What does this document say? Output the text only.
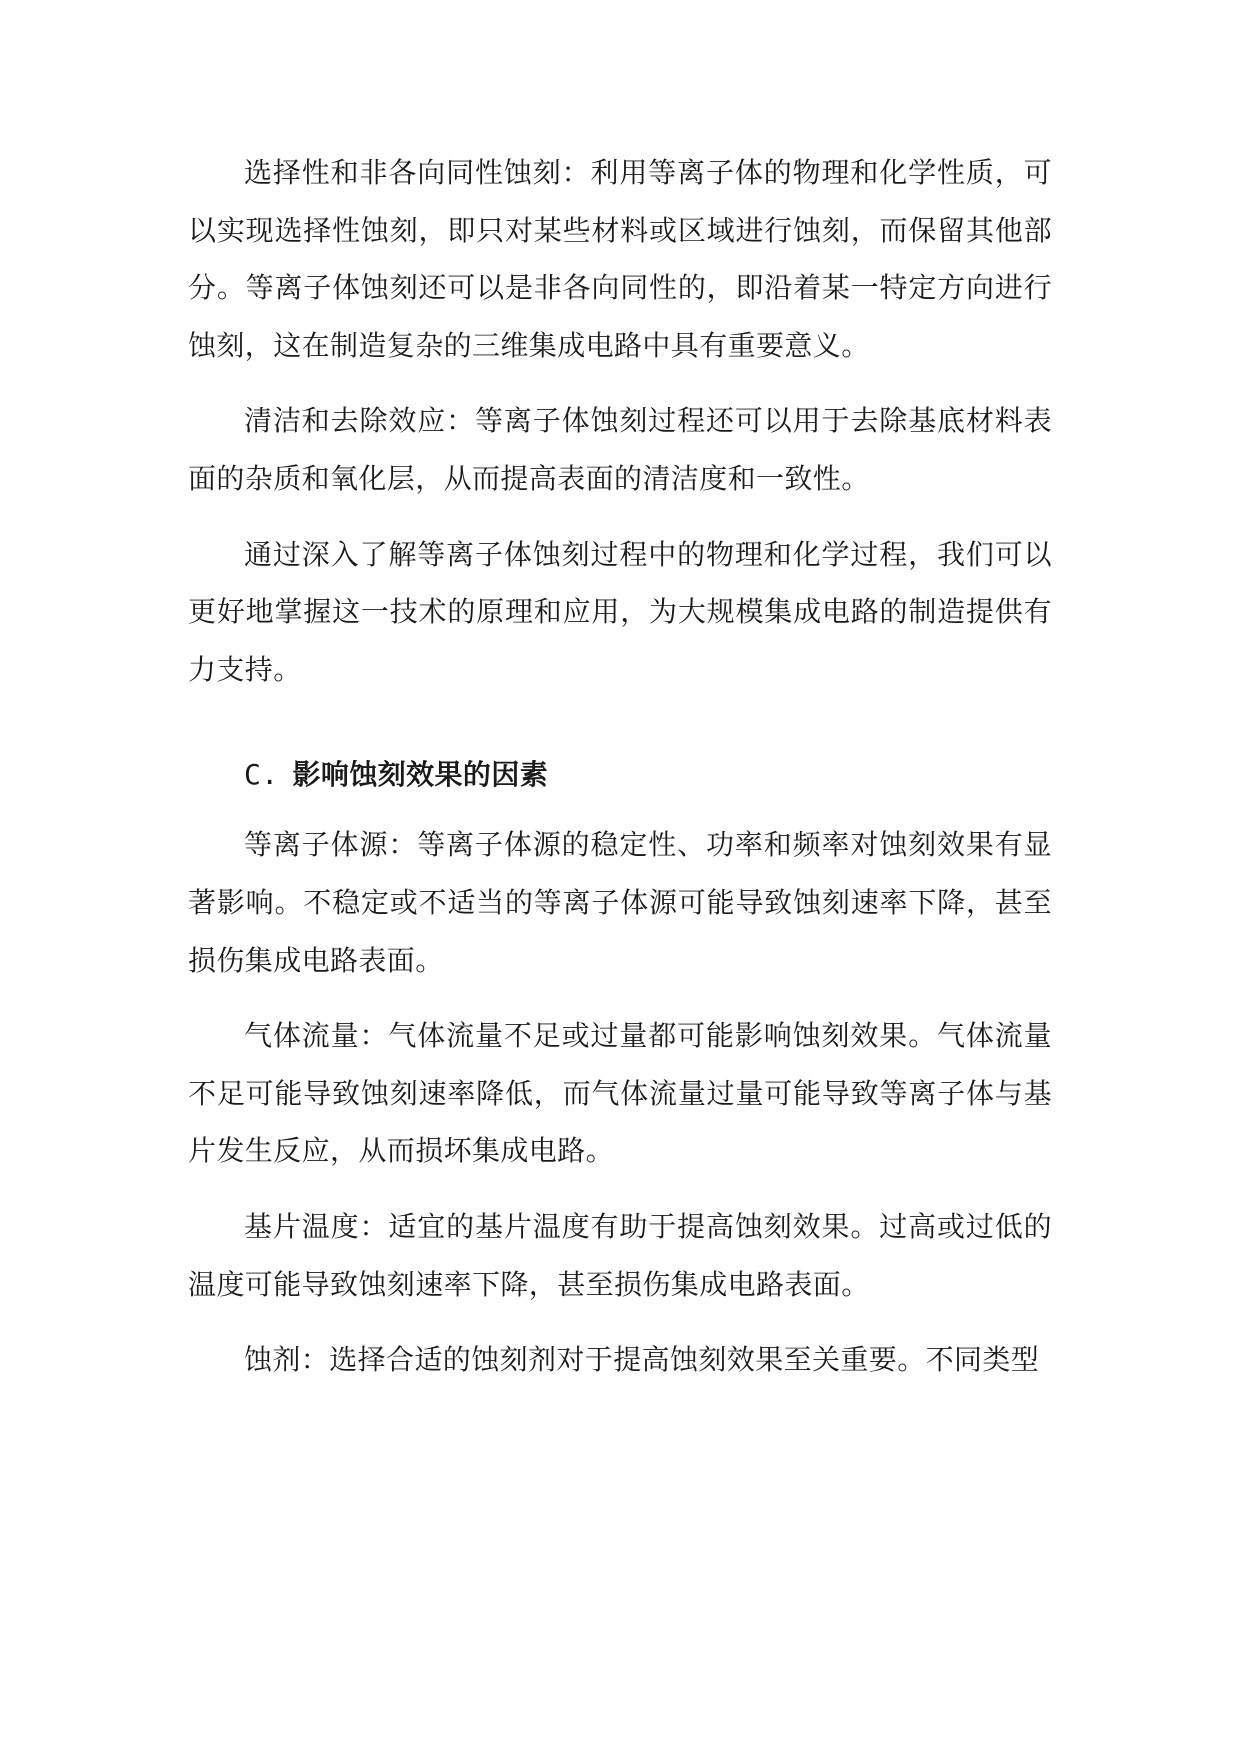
选择性和非各向同性蚀刻：利用等离子体的物理和化学性质，可以实现选择性蚀刻，即只对某些材料或区域进行蚀刻，而保留其他部分。等离子体蚀刻还可以是非各向同性的，即沿着某一特定方向进行蚀刻，这在制造复杂的三维集成电路中具有重要意义。

清洁和去除效应：等离子体蚀刻过程还可以用于去除基底材料表面的杂质和氧化层，从而提高表面的清洁度和一致性。

通过深入了解等离子体蚀刻过程中的物理和化学过程，我们可以更好地掌握这一技术的原理和应用，为大规模集成电路的制造提供有力支持。

C. 影响蚀刻效果的因素

等离子体源：等离子体源的稳定性、功率和频率对蚀刻效果有显著影响。不稳定或不适当的等离子体源可能导致蚀刻速率下降，甚至损伤集成电路表面。

气体流量：气体流量不足或过量都可能影响蚀刻效果。气体流量不足可能导致蚀刻速率降低，而气体流量过量可能导致等离子体与基片发生反应，从而损坏集成电路。

基片温度：适宜的基片温度有助于提高蚀刻效果。过高或过低的温度可能导致蚀刻速率下降，甚至损伤集成电路表面。

蚀剂：选择合适的蚀刻剂对于提高蚀刻效果至关重要。不同类型
